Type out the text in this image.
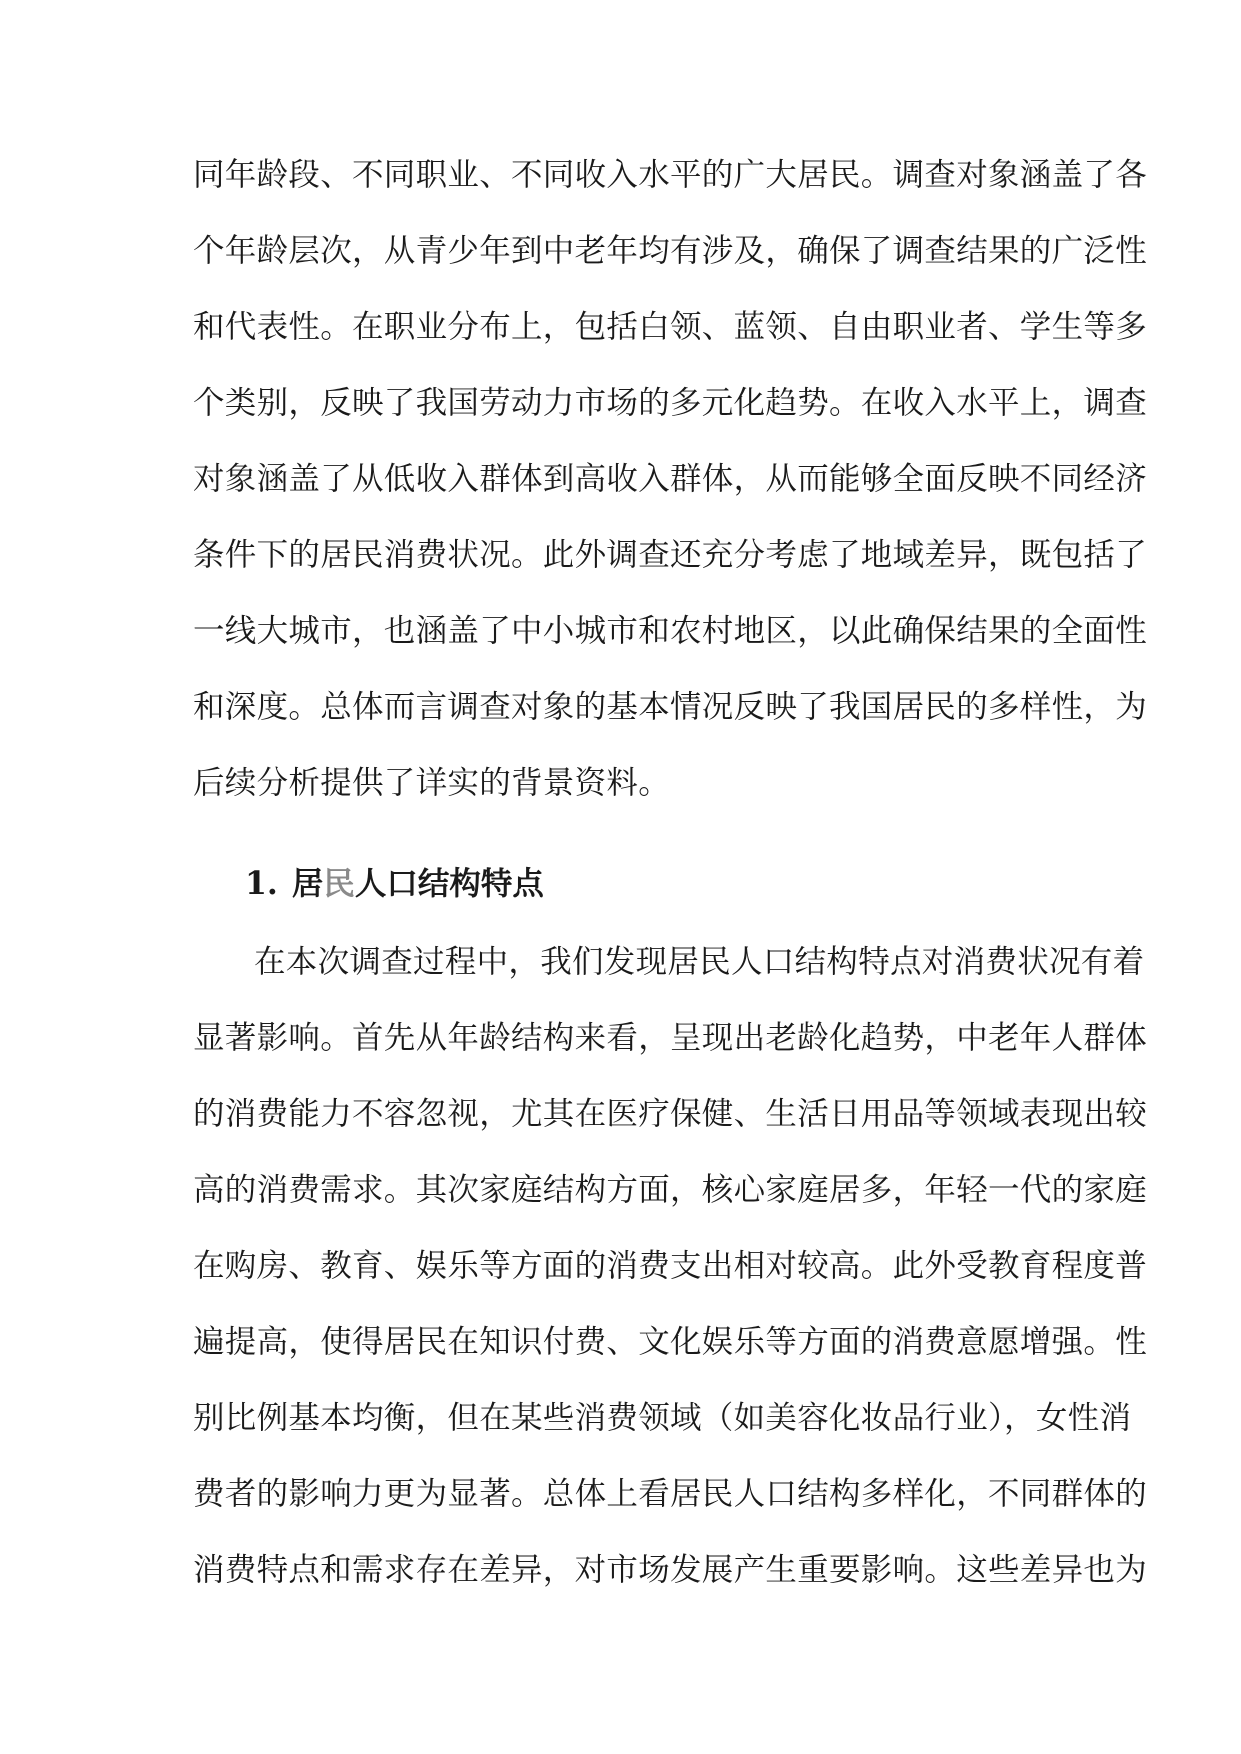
同年龄段、不同职业、不同收入水平的广大居民。调查对象涵盖了各
个年龄层次，从青少年到中老年均有涉及，确保了调查结果的广泛性
和代表性。在职业分布上，包括白领、蓝领、自由职业者、学生等多
个类别，反映了我国劳动力市场的多元化趋势。在收入水平上，调查
对象涵盖了从低收入群体到高收入群体，从而能够全面反映不同经济
条件下的居民消费状况。此外调查还充分考虑了地域差异，既包括了
一线大城市，也涵盖了中小城市和农村地区，以此确保结果的全面性
和深度。总体而言调查对象的基本情况反映了我国居民的多样性，为
后续分析提供了详实的背景资料。
1. 居民人口结构特点
在本次调查过程中，我们发现居民人口结构特点对消费状况有着
显著影响。首先从年龄结构来看，呈现出老龄化趋势，中老年人群体
的消费能力不容忽视，尤其在医疗保健、生活日用品等领域表现出较
高的消费需求。其次家庭结构方面，核心家庭居多，年轻一代的家庭
在购房、教育、娱乐等方面的消费支出相对较高。此外受教育程度普
遍提高，使得居民在知识付费、文化娱乐等方面的消费意愿增强。性
别比例基本均衡，但在某些消费领域（如美容化妆品行业），女性消
费者的影响力更为显著。总体上看居民人口结构多样化，不同群体的
消费特点和需求存在差异，对市场发展产生重要影响。这些差异也为
